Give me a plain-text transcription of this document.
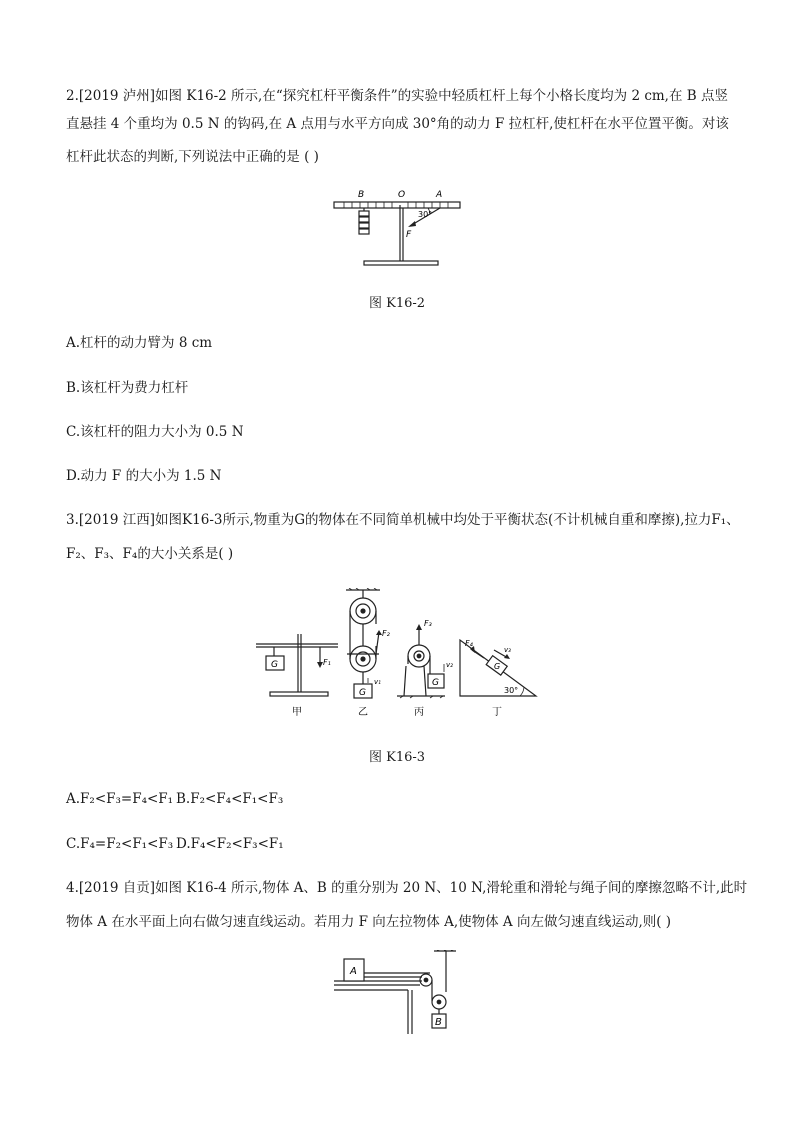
2.[2019 泸州]如图 K16-2 所示,在“探究杠杆平衡条件”的实验中轻质杠杆上每个小格长度均为 2 cm,在 B 点竖
直悬挂 4 个重均为 0.5 N 的钩码,在 A 点用与水平方向成 30°角的动力 F 拉杠杆,使杠杆在水平位置平衡。对该
杠杆此状态的判断,下列说法中正确的是 ( )
B	O	A
30°
F
图 K16-2
A.杠杆的动力臂为 8 cm
B.该杠杆为费力杠杆
C.该杠杆的阻力大小为 0.5 N
D.动力 F 的大小为 1.5 N
3.[2019 江西]如图K16-3所示,物重为G的物体在不同简单机械中均处于平衡状态(不计机械自重和摩擦),拉力F₁、
F₂、F₃、F₄的大小关系是( )
G	F₁
G
F₂
v₁	G
F₃
v₂	G
F₄
v₃
30°
甲	乙	丙	丁
图 K16-3
A.F₂<F₃=F₄<F₁ B.F₂<F₄<F₁<F₃
C.F₄=F₂<F₁<F₃ D.F₄<F₂<F₃<F₁
4.[2019 自贡]如图 K16-4 所示,物体 A、B 的重分别为 20 N、10 N,滑轮重和滑轮与绳子间的摩擦忽略不计,此时
物体 A 在水平面上向右做匀速直线运动。若用力 F 向左拉物体 A,使物体 A 向左做匀速直线运动,则( )
A
B
